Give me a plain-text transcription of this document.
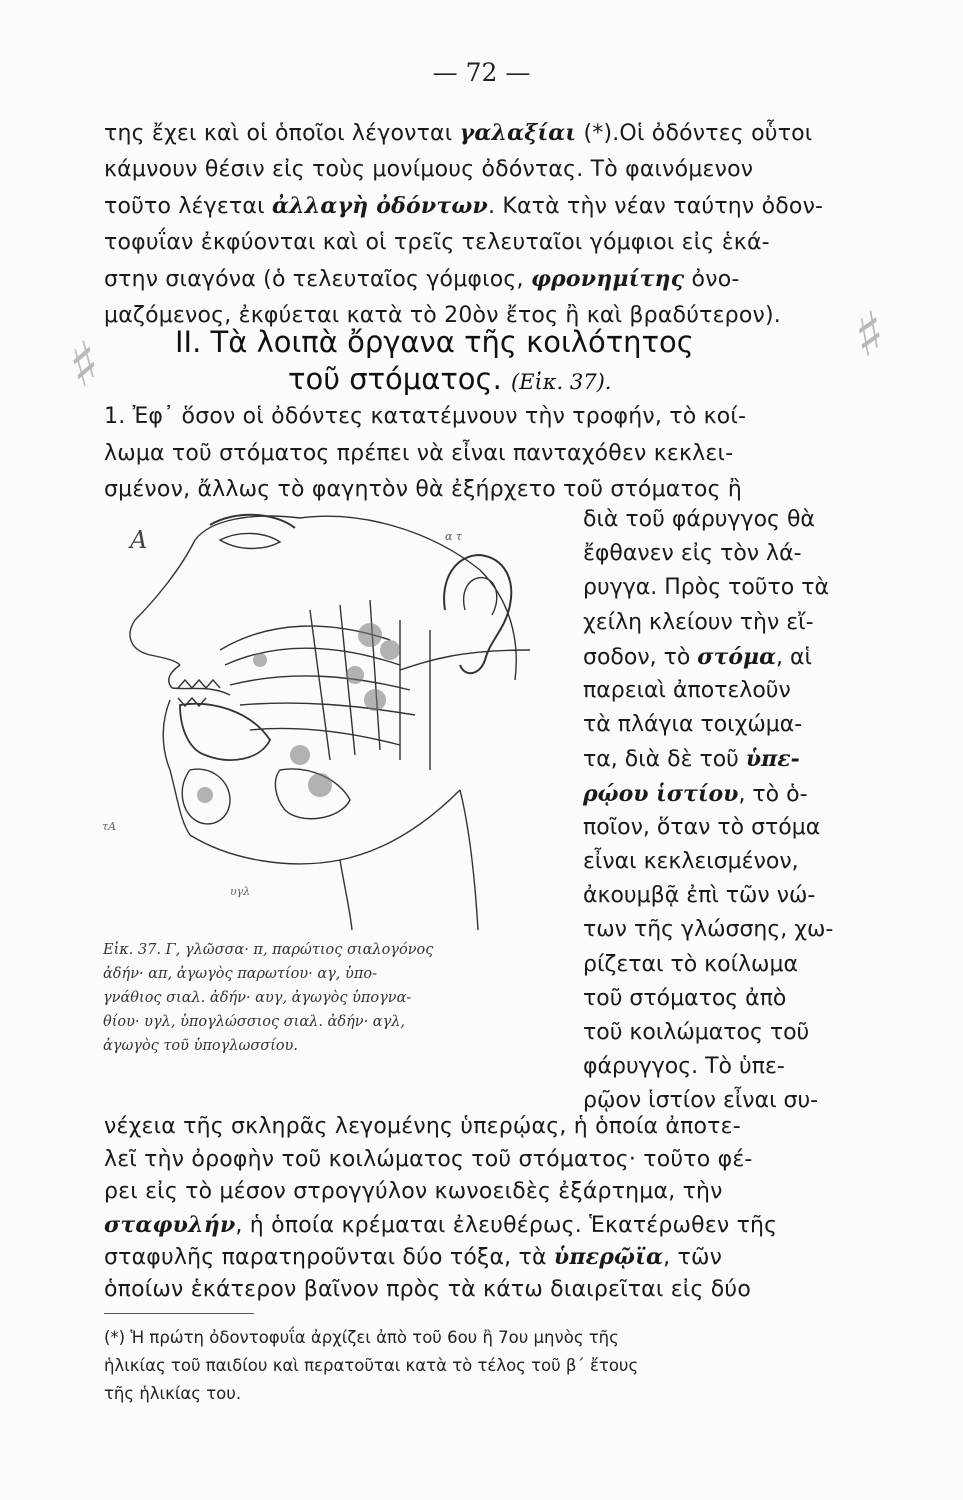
— 72 —
της ἔχει καὶ οἱ ὁποῖοι λέγονται γαλαξίαι (*).Οἱ ὀδόντες οὗτοι
κάμνουν θέσιν εἰς τοὺς μονίμους ὀδόντας. Τὸ φαινόμενον
τοῦτο λέγεται ἀλλαγὴ ὀδόντων. Κατὰ τὴν νέαν ταύτην ὀδον-
τοφυΐαν ἐκφύονται καὶ οἱ τρεῖς τελευταῖοι γόμφιοι εἰς ἑκά-
στην σιαγόνα (ὁ τελευταῖος γόμφιος, φρονημίτης ὀνο-
μαζόμενος, ἐκφύεται κατὰ τὸ 20ὸν ἔτος ἢ καὶ βραδύτερον).
♯	♯
ΙΙ. Τὰ λοιπὰ ὄργανα τῆς κοιλότητος
τοῦ στόματος. (Εἰκ. 37).
1. Ἐφ᾿ ὅσον οἱ ὀδόντες κατατέμνουν τὴν τροφήν, τὸ κοί-
λωμα τοῦ στόματος πρέπει νὰ εἶναι πανταχόθεν κεκλει-
σμένον, ἄλλως τὸ φαγητὸν θὰ ἐξήρχετο τοῦ στόματος ἢ
διὰ τοῦ φάρυγγος θὰ
ἔφθανεν εἰς τὸν λά-
ρυγγα. Πρὸς τοῦτο τὰ
χείλη κλείουν τὴν εἴ-
σοδον, τὸ στόμα, αἱ
παρειαὶ ἀποτελοῦν
τὰ πλάγια τοιχώμα-
τα, διὰ δὲ τοῦ ὑπε-
ρῴου ἱστίου, τὸ ὁ-
ποῖον, ὅταν τὸ στόμα
εἶναι κεκλεισμένον,
ἀκουμβᾷ ἐπὶ τῶν νώ-
των τῆς γλώσσης, χω-
ρίζεται τὸ κοίλωμα
τοῦ στόματος ἀπὸ
τοῦ κοιλώματος τοῦ
φάρυγγος. Τὸ ὑπε-
ρῷον ἱστίον εἶναι συ-
Α	α τ
υγλ
τΑ
Εἰκ. 37. Γ, γλῶσσα· π, παρώτιος σιαλογόνος
ἀδήν· απ, ἀγωγὸς παρωτίου· αγ, ὑπο-
γνάθιος σιαλ. ἀδήν· αυγ, ἀγωγὸς ὑπογνα-
θίου· υγλ, ὑπογλώσσιος σιαλ. ἀδήν· αγλ,
ἀγωγὸς τοῦ ὑπογλωσσίου.
νέχεια τῆς σκληρᾶς λεγομένης ὑπερῴας, ἡ ὁποία ἀποτε-
λεῖ τὴν ὀροφὴν τοῦ κοιλώματος τοῦ στόματος· τοῦτο φέ-
ρει εἰς τὸ μέσον στρογγύλον κωνοειδὲς ἐξάρτημα, τὴν
σταφυλήν, ἡ ὁποία κρέμαται ἐλευθέρως. Ἑκατέρωθεν τῆς
σταφυλῆς παρατηροῦνται δύο τόξα, τὰ ὑπερῷϊα, τῶν
ὁποίων ἑκάτερον βαῖνον πρὸς τὰ κάτω διαιρεῖται εἰς δύο
(*) Ἡ πρώτη ὀδοντοφυΐα ἀρχίζει ἀπὸ τοῦ 6ου ἢ 7ου μηνὸς τῆς
ἡλικίας τοῦ παιδίου καὶ περατοῦται κατὰ τὸ τέλος τοῦ β΄ ἔτους
τῆς ἡλικίας του.
